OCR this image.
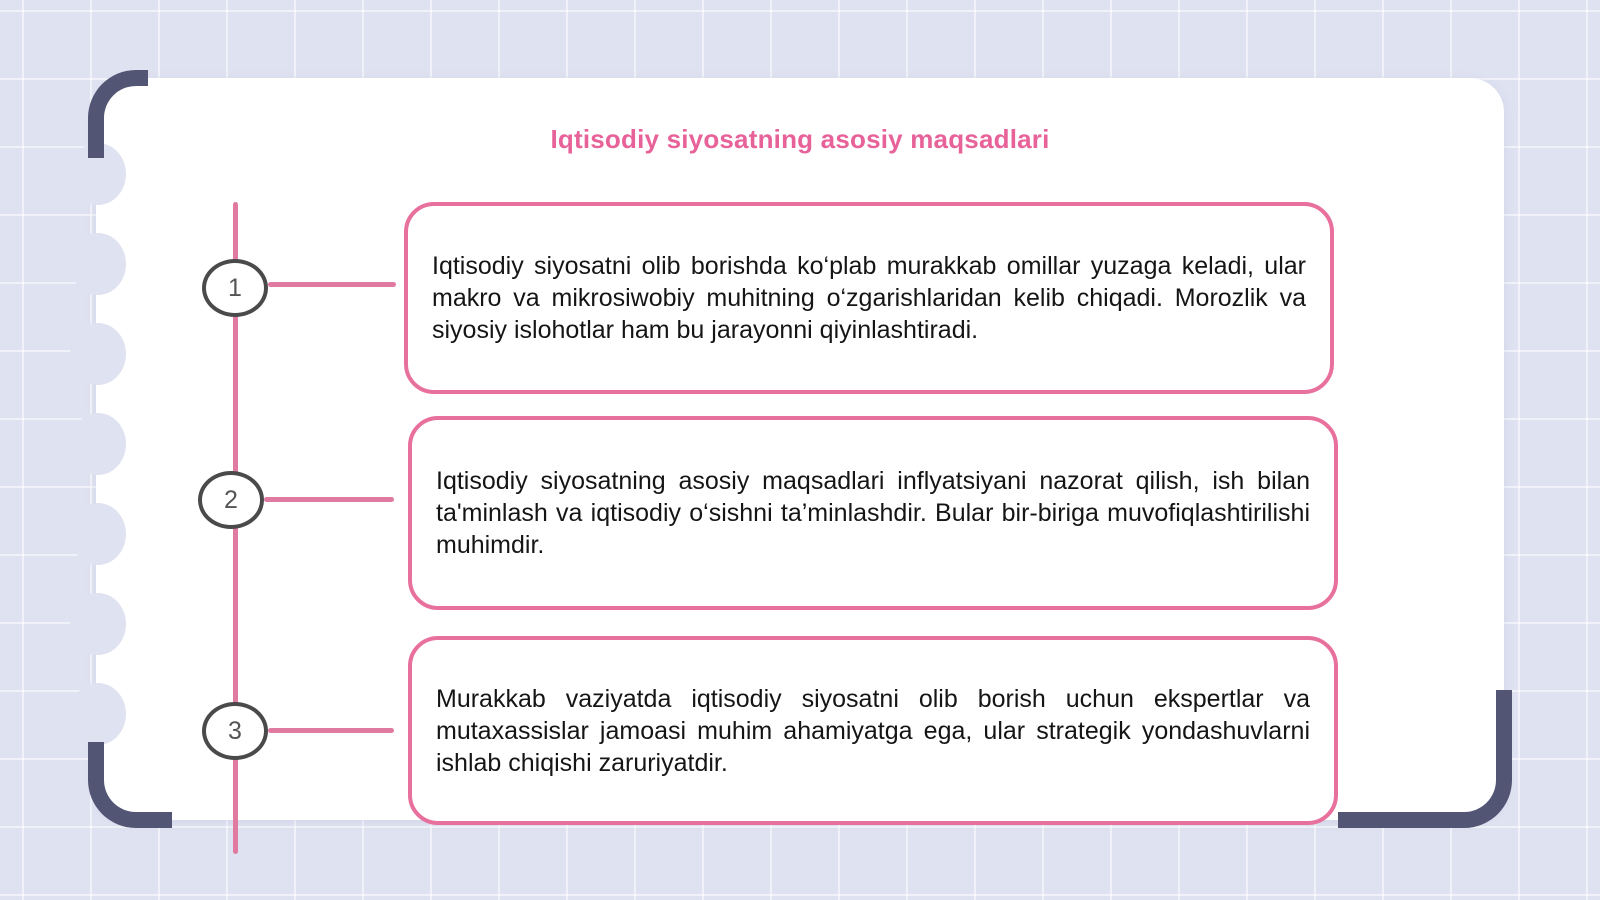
Iqtisodiy siyosatning asosiy maqsadlari
1

Iqtisodiy siyosatni olib borishda ko‘plab murakkab omillar yuzaga keladi, ular makro va mikrosiwobiy muhitning o‘zgarishlaridan kelib chiqadi. Morozlik va siyosiy islohotlar ham bu jarayonni qiyinlashtiradi.

2

Iqtisodiy siyosatning asosiy maqsadlari inflyatsiyani nazorat qilish, ish bilan ta'minlash va iqtisodiy o‘sishni ta’minlashdir. Bular bir-biriga muvofiqlashtirilishi muhimdir.

3

Murakkab vaziyatda iqtisodiy siyosatni olib borish uchun ekspertlar va mutaxassislar jamoasi muhim ahamiyatga ega, ular strategik yondashuvlarni ishlab chiqishi zaruriyatdir.
